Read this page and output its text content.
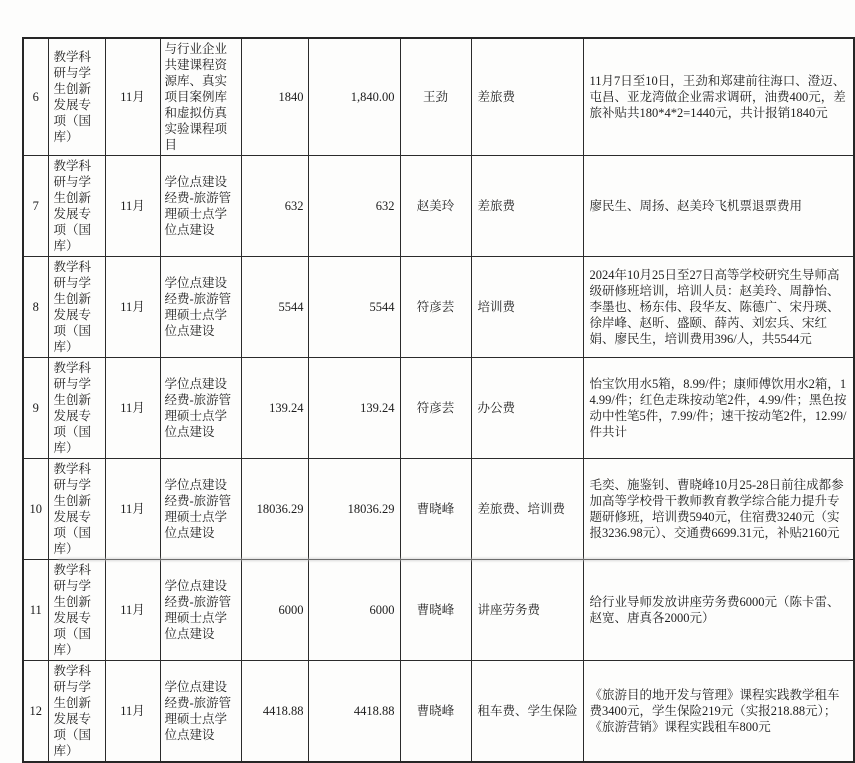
6	教学科研与学生创新发展专项（国库）	11月	与行业企业共建课程资源库、真实项目案例库和虚拟仿真实验课程项目	1840	1,840.00	王劲	差旅费	11月7日至10日，王劲和郑建前往海口、澄迈、屯昌、亚龙湾做企业需求调研，油费400元，差旅补贴共180*4*2=1440元，共计报销1840元
7	教学科研与学生创新发展专项（国库）	11月	学位点建设经费-旅游管理硕士点学位点建设	632	632	赵美玲	差旅费	廖民生、周扬、赵美玲飞机票退票费用
8	教学科研与学生创新发展专项（国库）	11月	学位点建设经费-旅游管理硕士点学位点建设	5544	5544	符彦芸	培训费	2024年10月25日至27日高等学校研究生导师高级研修班培训，培训人员：赵美玲、周静怡、李墨也、杨东伟、段华友、陈德广、宋丹瑛、徐岸峰、赵昕、盛颐、薛芮、刘宏兵、宋红娟、廖民生，培训费用396/人，共5544元
9	教学科研与学生创新发展专项（国库）	11月	学位点建设经费-旅游管理硕士点学位点建设	139.24	139.24	符彦芸	办公费	怡宝饮用水5箱，8.99/件；康师傅饮用水2箱，14.99/件；红色走珠按动笔2件，4.99/件；黑色按动中性笔5件，7.99/件；速干按动笔2件，12.99/件共计
10	教学科研与学生创新发展专项（国库）	11月	学位点建设经费-旅游管理硕士点学位点建设	18036.29	18036.29	曹晓峰	差旅费、培训费	毛奕、施鉴钊、曹晓峰10月25-28日前往成都参加高等学校骨干教师教育教学综合能力提升专题研修班，培训费5940元，住宿费3240元（实报3236.98元）、交通费6699.31元，补贴2160元
11	教学科研与学生创新发展专项（国库）	11月	学位点建设经费-旅游管理硕士点学位点建设	6000	6000	曹晓峰	讲座劳务费	给行业导师发放讲座劳务费6000元（陈卡雷、赵宽、唐真各2000元）
12	教学科研与学生创新发展专项（国库）	11月	学位点建设经费-旅游管理硕士点学位点建设	4418.88	4418.88	曹晓峰	租车费、学生保险	《旅游目的地开发与管理》课程实践教学租车费3400元，学生保险219元（实报218.88元）；《旅游营销》课程实践租车800元
